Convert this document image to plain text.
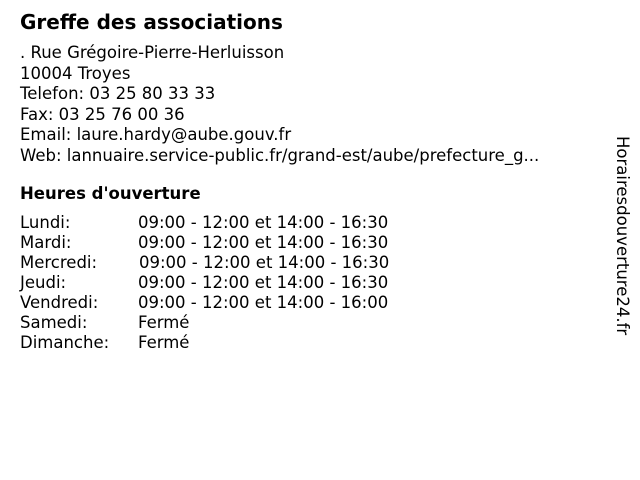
Greffe des associations
. Rue Grégoire-Pierre-Herluisson
10004 Troyes
Telefon: 03 25 80 33 33
Fax: 03 25 76 00 36
Email: laure.hardy@aube.gouv.fr
Web: lannuaire.service-public.fr/grand-est/aube/prefecture_g...
Heures d'ouverture
Lundi:	09:00 - 12:00 et 14:00 - 16:30
Mardi:	09:00 - 12:00 et 14:00 - 16:30
Mercredi:	09:00 - 12:00 et 14:00 - 16:30
Jeudi:	09:00 - 12:00 et 14:00 - 16:30
Vendredi: 09:00 - 12:00 et 14:00 - 16:00
Samedi:	Fermé
Dimanche: Fermé
Horairesdouverture24.fr
